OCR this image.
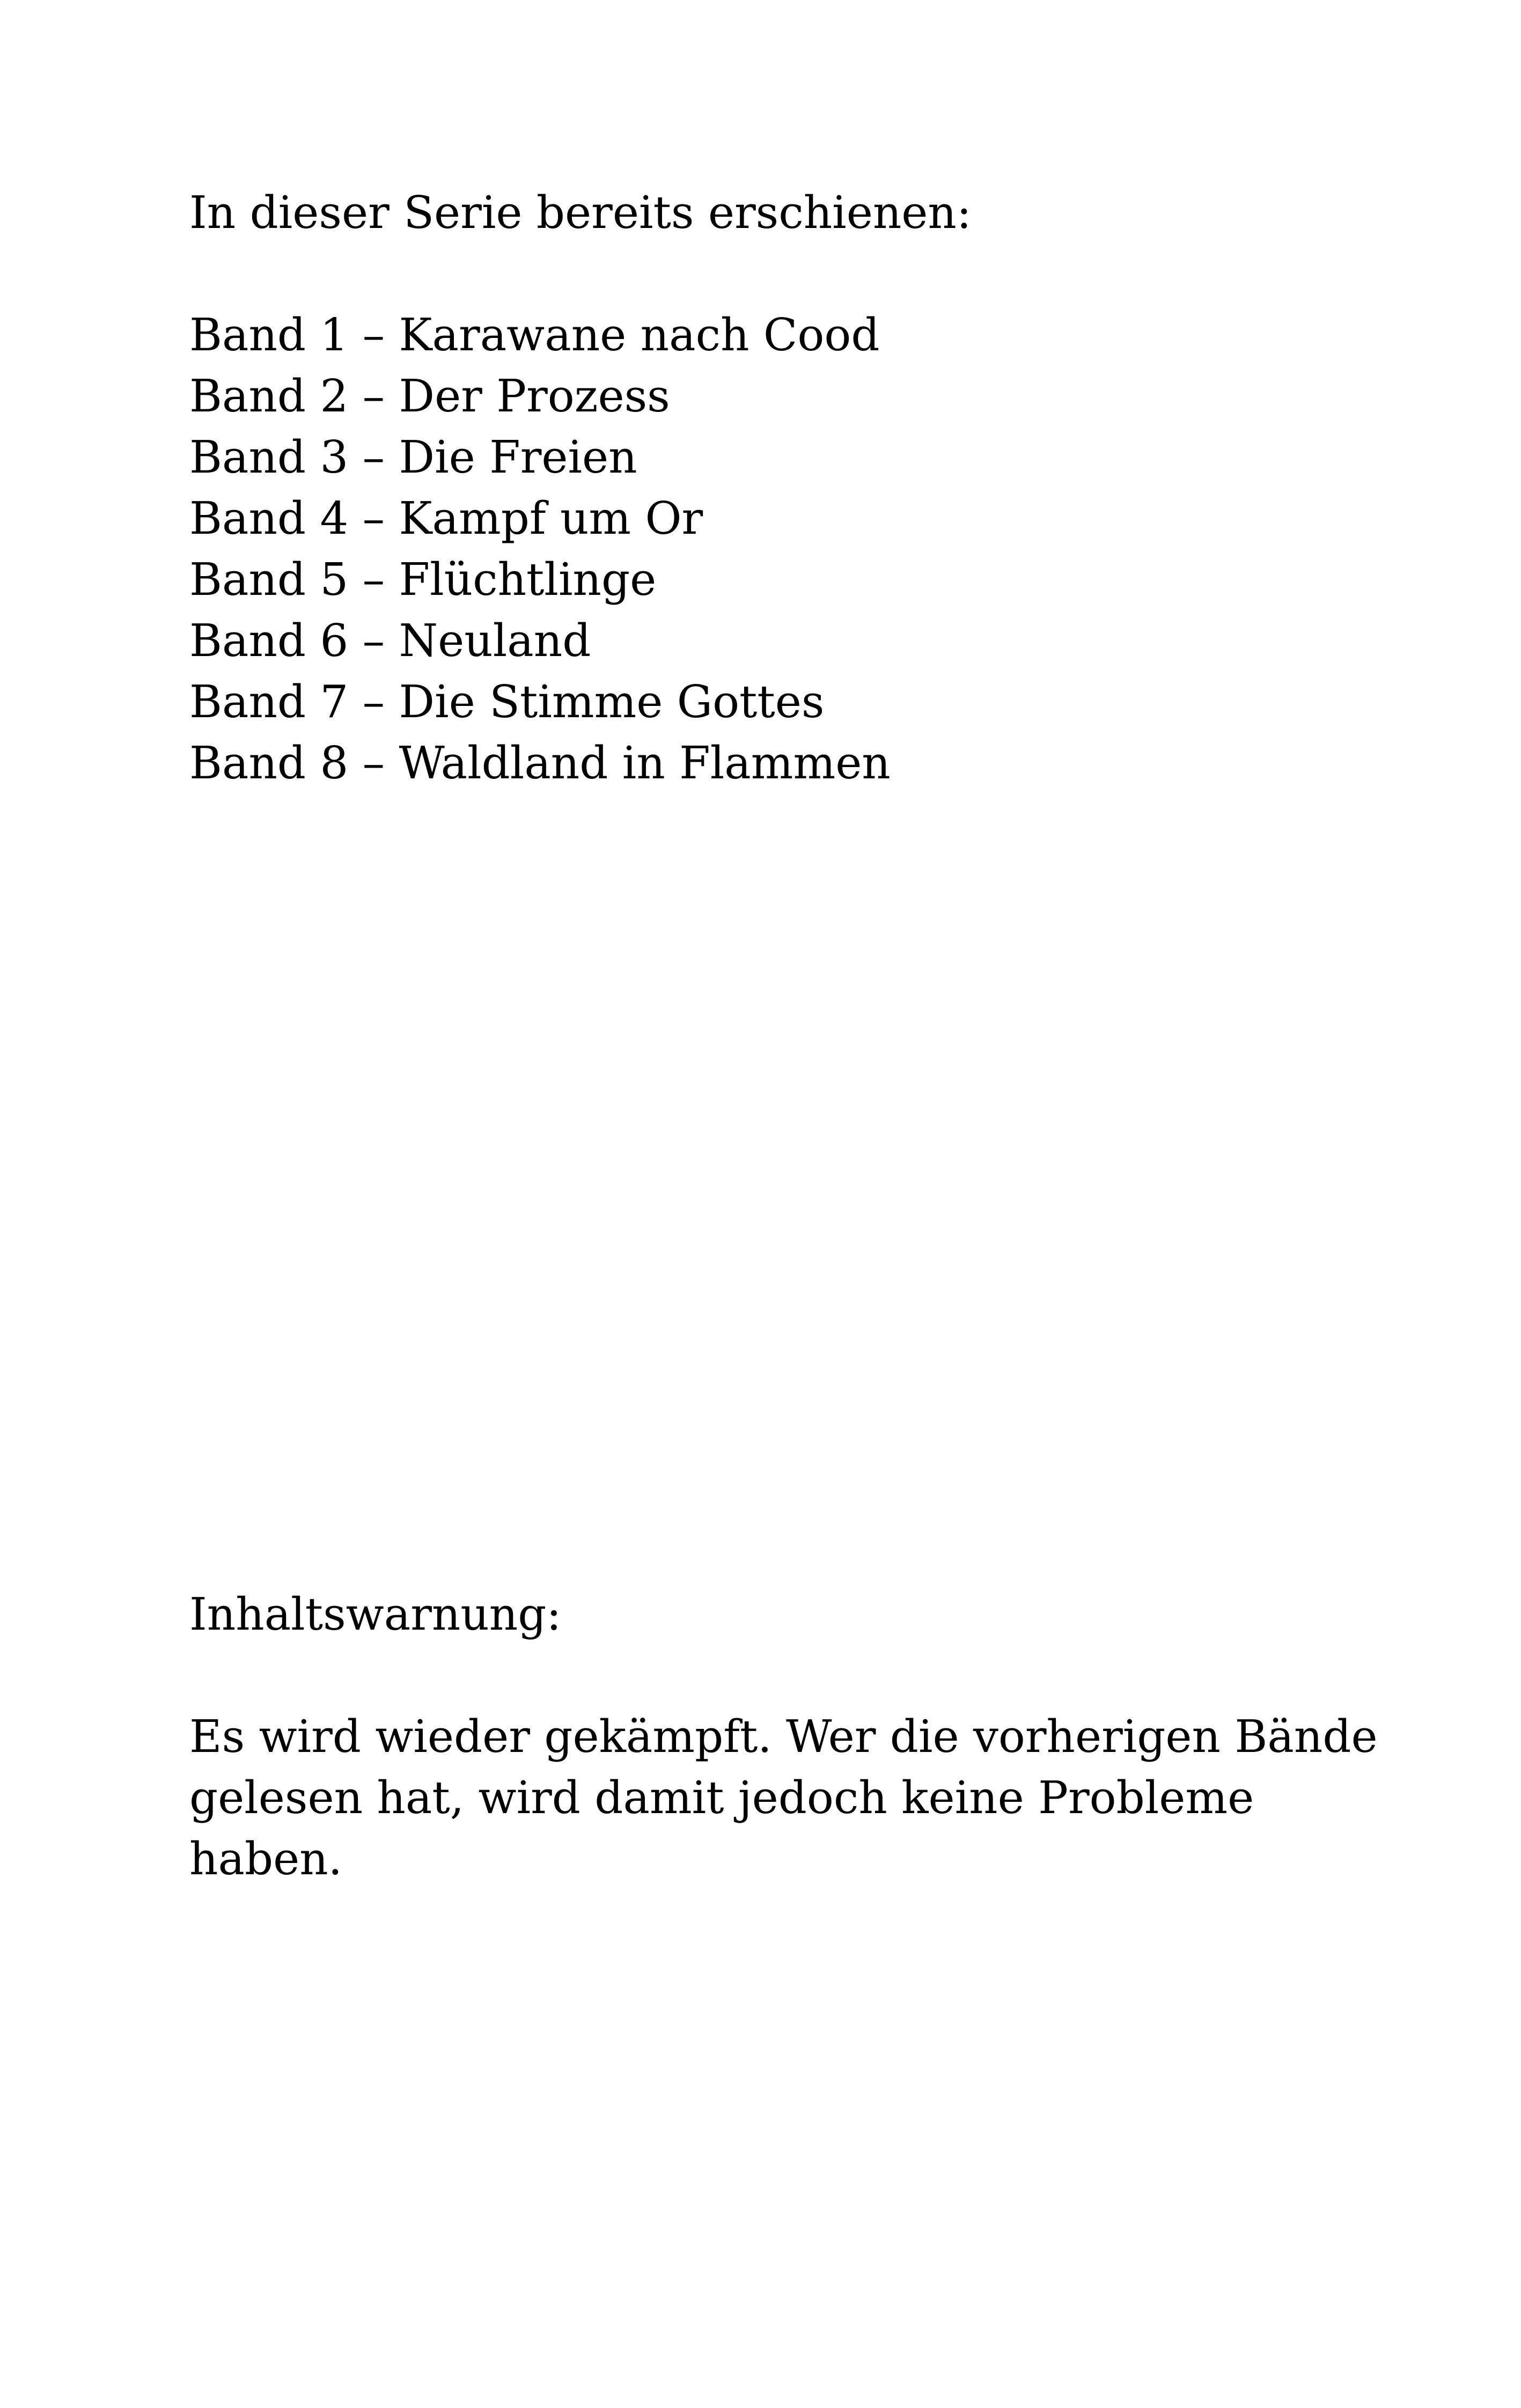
In dieser Serie bereits erschienen:
Band 1 – Karawane nach Cood
Band 2 – Der Prozess
Band 3 – Die Freien
Band 4 – Kampf um Or
Band 5 – Flüchtlinge
Band 6 – Neuland
Band 7 – Die Stimme Gottes
Band 8 – Waldland in Flammen
Inhaltswarnung:
Es wird wieder gekämpft. Wer die vorherigen Bände
gelesen hat, wird damit jedoch keine Probleme
haben.
